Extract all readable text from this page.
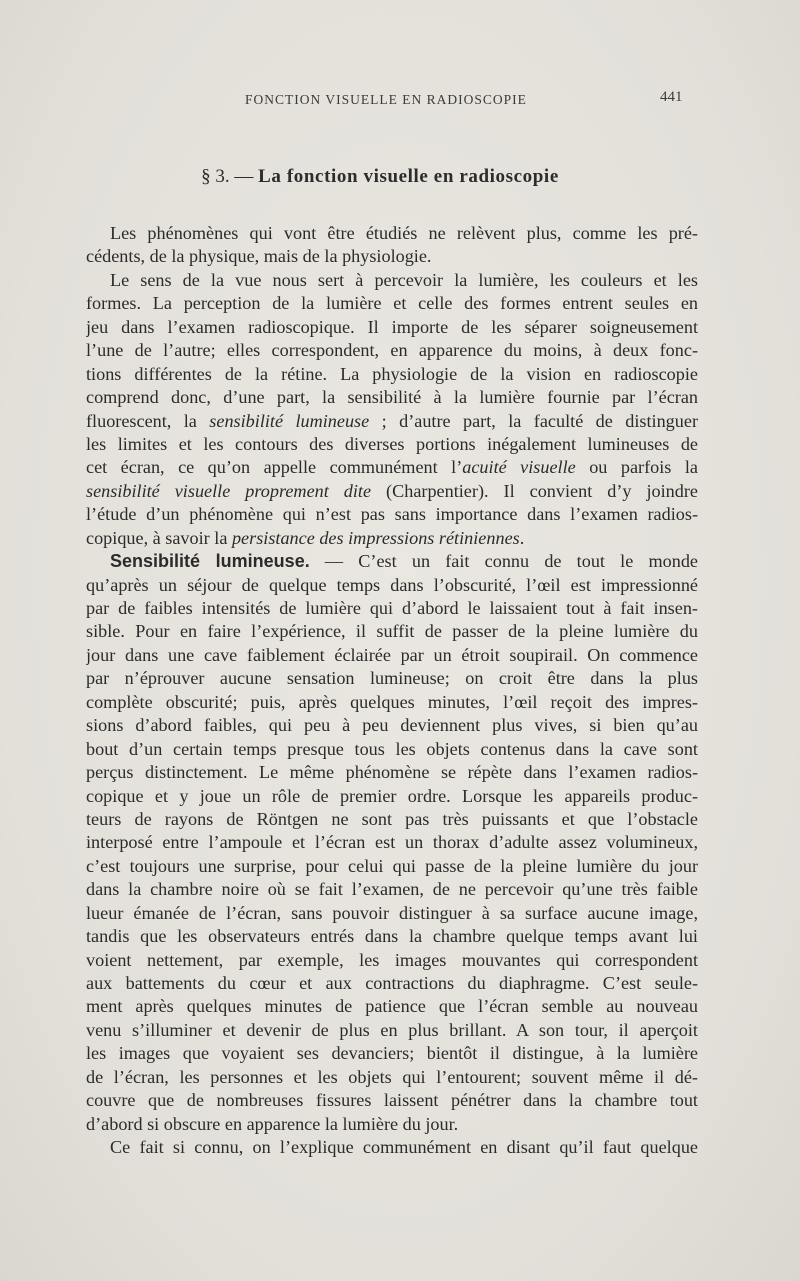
FONCTION VISUELLE EN RADIOSCOPIE	441
§ 3. — La fonction visuelle en radioscopie
Les phénomènes qui vont être étudiés ne relèvent plus, comme les pré-
cédents, de la physique, mais de la physiologie.
Le sens de la vue nous sert à percevoir la lumière, les couleurs et les
formes. La perception de la lumière et celle des formes entrent seules en
jeu dans l’examen radioscopique. Il importe de les séparer soigneusement
l’une de l’autre; elles correspondent, en apparence du moins, à deux fonc-
tions différentes de la rétine. La physiologie de la vision en radioscopie
comprend donc, d’une part, la sensibilité à la lumière fournie par l’écran
fluorescent, la sensibilité lumineuse ; d’autre part, la faculté de distinguer
les limites et les contours des diverses portions inégalement lumineuses de
cet écran, ce qu’on appelle communément l’acuité visuelle ou parfois la
sensibilité visuelle proprement dite (Charpentier). Il convient d’y joindre
l’étude d’un phénomène qui n’est pas sans importance dans l’examen radios-
copique, à savoir la persistance des impressions rétiniennes.
Sensibilité lumineuse. — C’est un fait connu de tout le monde
qu’après un séjour de quelque temps dans l’obscurité, l’œil est impressionné
par de faibles intensités de lumière qui d’abord le laissaient tout à fait insen-
sible. Pour en faire l’expérience, il suffit de passer de la pleine lumière du
jour dans une cave faiblement éclairée par un étroit soupirail. On commence
par n’éprouver aucune sensation lumineuse; on croit être dans la plus
complète obscurité; puis, après quelques minutes, l’œil reçoit des impres-
sions d’abord faibles, qui peu à peu deviennent plus vives, si bien qu’au
bout d’un certain temps presque tous les objets contenus dans la cave sont
perçus distinctement. Le même phénomène se répète dans l’examen radios-
copique et y joue un rôle de premier ordre. Lorsque les appareils produc-
teurs de rayons de Röntgen ne sont pas très puissants et que l’obstacle
interposé entre l’ampoule et l’écran est un thorax d’adulte assez volumineux,
c’est toujours une surprise, pour celui qui passe de la pleine lumière du jour
dans la chambre noire où se fait l’examen, de ne percevoir qu’une très faible
lueur émanée de l’écran, sans pouvoir distinguer à sa surface aucune image,
tandis que les observateurs entrés dans la chambre quelque temps avant lui
voient nettement, par exemple, les images mouvantes qui correspondent
aux battements du cœur et aux contractions du diaphragme. C’est seule-
ment après quelques minutes de patience que l’écran semble au nouveau
venu s’illuminer et devenir de plus en plus brillant. A son tour, il aperçoit
les images que voyaient ses devanciers; bientôt il distingue, à la lumière
de l’écran, les personnes et les objets qui l’entourent; souvent même il dé-
couvre que de nombreuses fissures laissent pénétrer dans la chambre tout
d’abord si obscure en apparence la lumière du jour.
Ce fait si connu, on l’explique communément en disant qu’il faut quelque
